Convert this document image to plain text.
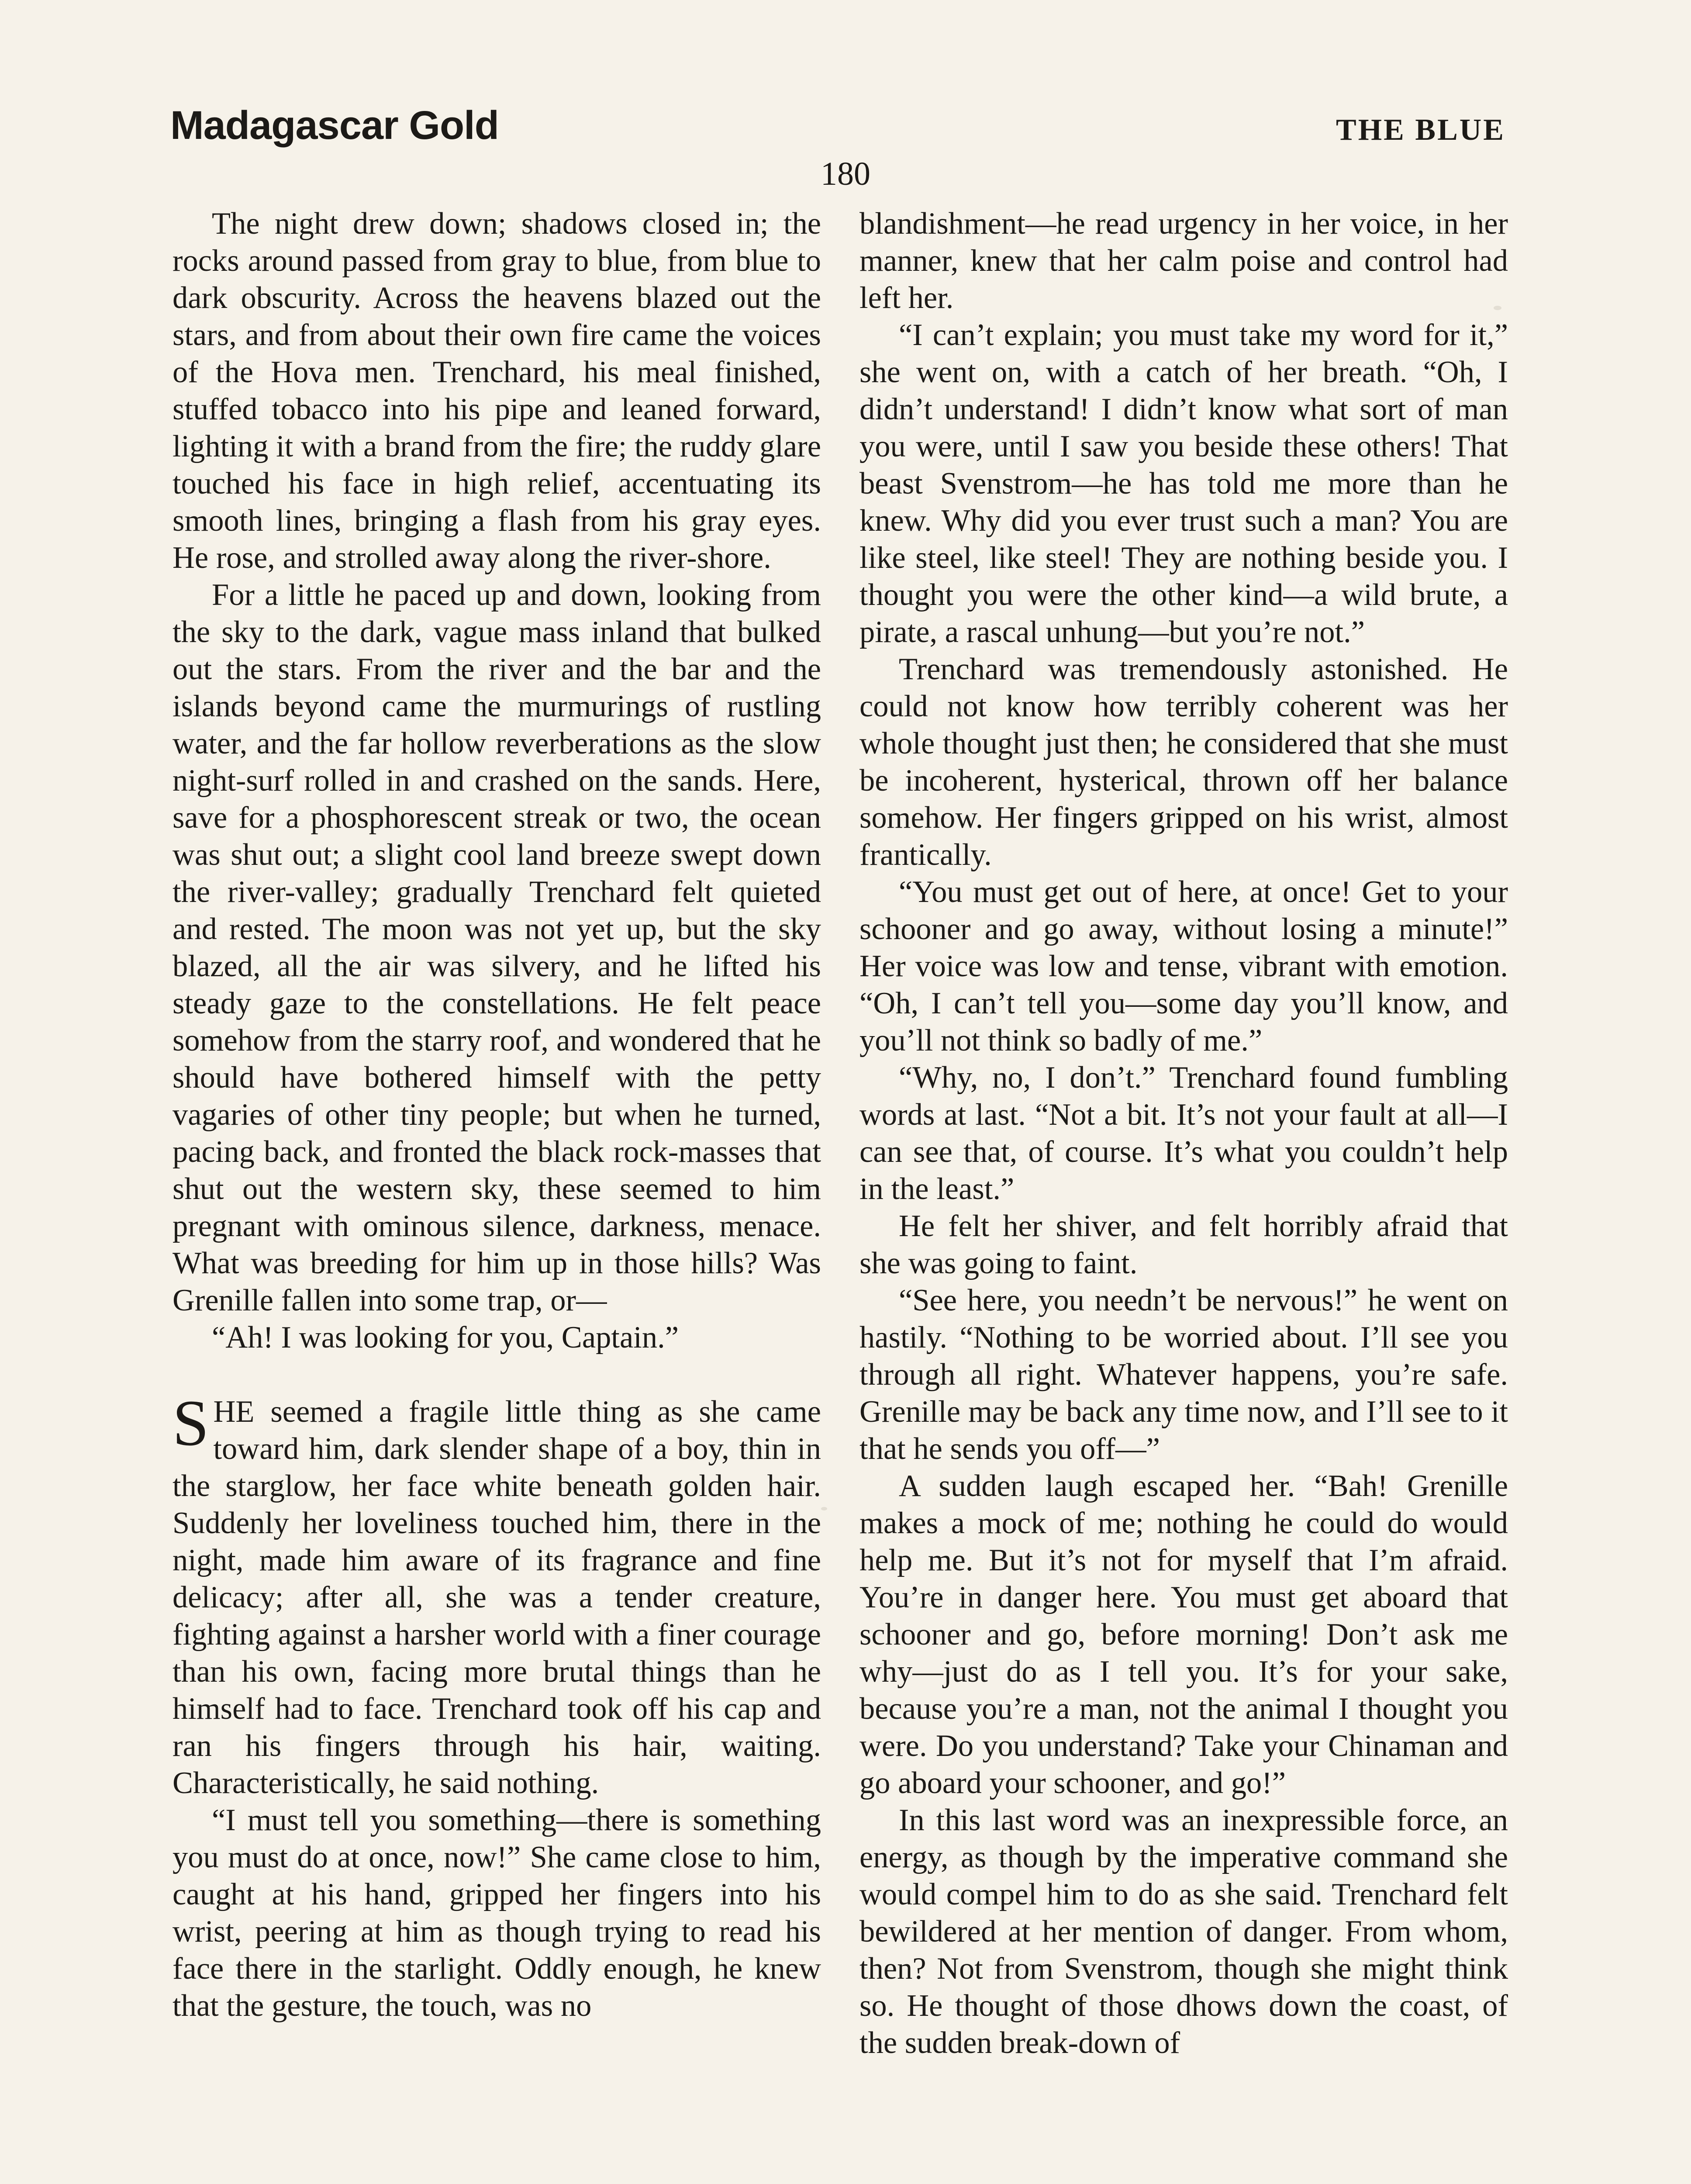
Madagascar Gold	THE BLUE
180

The night drew down; shadows closed in; the rocks around passed from gray to blue, from blue to dark obscurity. Across the heavens blazed out the stars, and from about their own fire came the voices of the Hova men. Trenchard, his meal finished, stuffed tobacco into his pipe and leaned forward, lighting it with a brand from the fire; the ruddy glare touched his face in high relief, accentuating its smooth lines, bringing a flash from his gray eyes. He rose, and strolled away along the river-shore.

For a little he paced up and down, looking from the sky to the dark, vague mass inland that bulked out the stars. From the river and the bar and the islands beyond came the murmurings of rustling water, and the far hollow reverberations as the slow night-surf rolled in and crashed on the sands. Here, save for a phosphorescent streak or two, the ocean was shut out; a slight cool land breeze swept down the river-valley; gradually Trenchard felt quieted and rested. The moon was not yet up, but the sky blazed, all the air was silvery, and he lifted his steady gaze to the constellations. He felt peace somehow from the starry roof, and wondered that he should have bothered himself with the petty vagaries of other tiny people; but when he turned, pacing back, and fronted the black rock-masses that shut out the western sky, these seemed to him pregnant with ominous silence, darkness, menace. What was breeding for him up in those hills? Was Grenille fallen into some trap, or—

“Ah! I was looking for you, Captain.”

SHE seemed a fragile little thing as she came toward him, dark slender shape of a boy, thin in the starglow, her face white beneath golden hair. Suddenly her loveliness touched him, there in the night, made him aware of its fragrance and fine delicacy; after all, she was a tender creature, fighting against a harsher world with a finer courage than his own, facing more brutal things than he himself had to face. Trenchard took off his cap and ran his fingers through his hair, waiting. Characteristically, he said nothing.

“I must tell you something—there is something you must do at once, now!” She came close to him, caught at his hand, gripped her fingers into his wrist, peering at him as though trying to read his face there in the starlight. Oddly enough, he knew that the gesture, the touch, was no

blandishment—he read urgency in her voice, in her manner, knew that her calm poise and control had left her.

“I can’t explain; you must take my word for it,” she went on, with a catch of her breath. “Oh, I didn’t understand! I didn’t know what sort of man you were, until I saw you beside these others! That beast Svenstrom—he has told me more than he knew. Why did you ever trust such a man? You are like steel, like steel! They are nothing beside you. I thought you were the other kind—a wild brute, a pirate, a rascal unhung—but you’re not.”

Trenchard was tremendously astonished. He could not know how terribly coherent was her whole thought just then; he considered that she must be incoherent, hysterical, thrown off her balance somehow. Her fingers gripped on his wrist, almost frantically.

“You must get out of here, at once! Get to your schooner and go away, without losing a minute!” Her voice was low and tense, vibrant with emotion. “Oh, I can’t tell you—some day you’ll know, and you’ll not think so badly of me.”

“Why, no, I don’t.” Trenchard found fumbling words at last. “Not a bit. It’s not your fault at all—I can see that, of course. It’s what you couldn’t help in the least.”

He felt her shiver, and felt horribly afraid that she was going to faint.

“See here, you needn’t be nervous!” he went on hastily. “Nothing to be worried about. I’ll see you through all right. Whatever happens, you’re safe. Grenille may be back any time now, and I’ll see to it that he sends you off—”

A sudden laugh escaped her. “Bah! Grenille makes a mock of me; nothing he could do would help me. But it’s not for myself that I’m afraid. You’re in danger here. You must get aboard that schooner and go, before morning! Don’t ask me why—just do as I tell you. It’s for your sake, because you’re a man, not the animal I thought you were. Do you understand? Take your Chinaman and go aboard your schooner, and go!”

In this last word was an inexpressible force, an energy, as though by the imperative command she would compel him to do as she said. Trenchard felt bewildered at her mention of danger. From whom, then? Not from Svenstrom, though she might think so. He thought of those dhows down the coast, of the sudden break-down of
